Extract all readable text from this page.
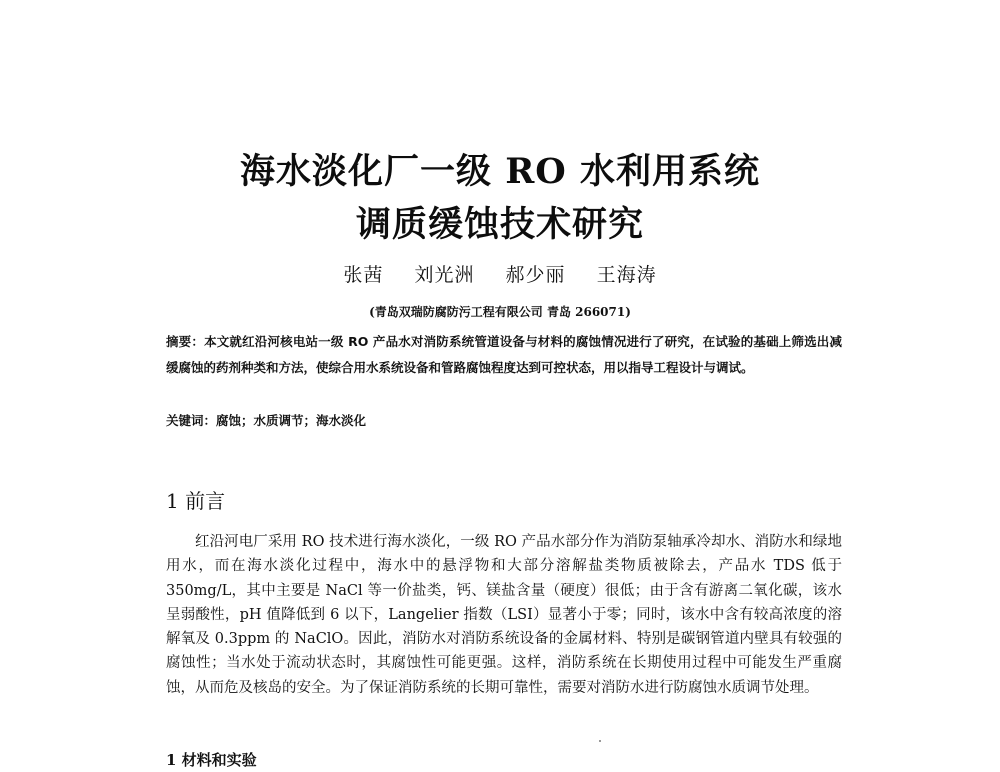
海水淡化厂一级 RO 水利用系统
调质缓蚀技术研究
张茜 刘光洲 郝少丽 王海涛
(青岛双瑞防腐防污工程有限公司 青岛 266071)
摘要：本文就红沿河核电站一级 RO 产品水对消防系统管道设备与材料的腐蚀情况进行了研究，在试验的基础上筛选出减缓腐蚀的药剂种类和方法，使综合用水系统设备和管路腐蚀程度达到可控状态，用以指导工程设计与调试。
关键词：腐蚀；水质调节；海水淡化
1 前言
红沿河电厂采用 RO 技术进行海水淡化，一级 RO 产品水部分作为消防泵轴承冷却水、消防水和绿地用水，而在海水淡化过程中，海水中的悬浮物和大部分溶解盐类物质被除去，产品水 TDS 低于 350mg/L，其中主要是 NaCl 等一价盐类，钙、镁盐含量（硬度）很低；由于含有游离二氧化碳，该水呈弱酸性，pH 值降低到 6 以下，Langelier 指数（LSI）显著小于零；同时，该水中含有较高浓度的溶解氧及 0.3ppm 的 NaClO。因此，消防水对消防系统设备的金属材料、特别是碳钢管道内壁具有较强的腐蚀性；当水处于流动状态时，其腐蚀性可能更强。这样，消防系统在长期使用过程中可能发生严重腐蚀，从而危及核岛的安全。为了保证消防系统的长期可靠性，需要对消防水进行防腐蚀水质调节处理。
1 材料和实验
